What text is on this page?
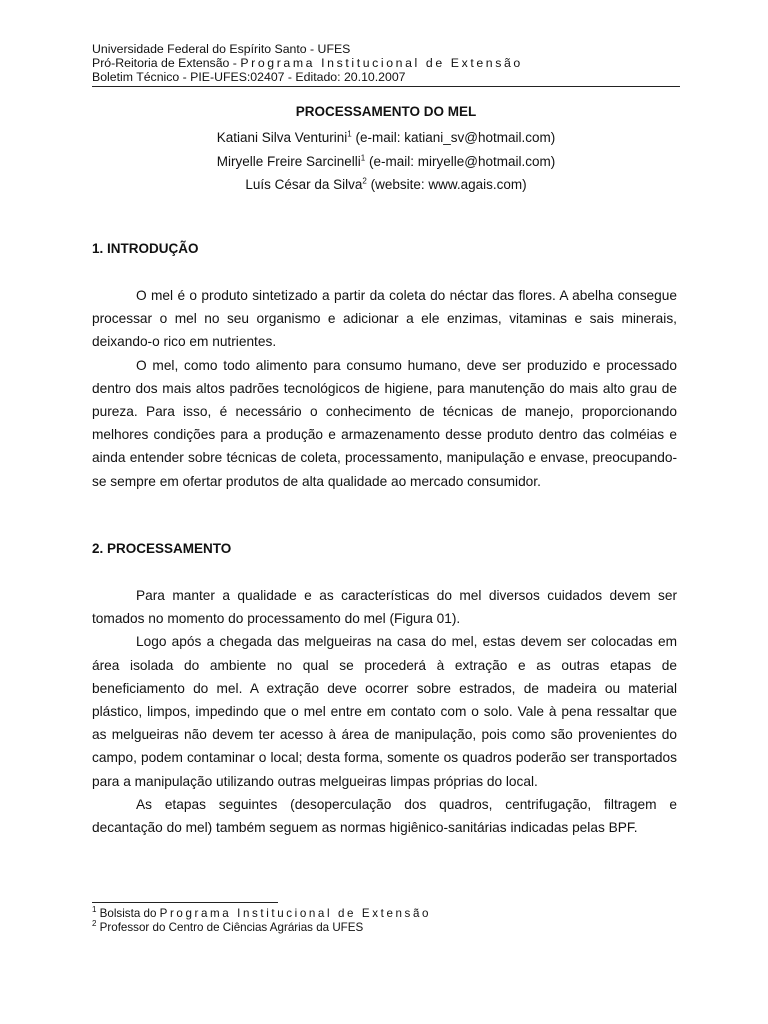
Universidade Federal do Espírito Santo - UFES
Pró-Reitoria de Extensão - Programa Institucional de Extensão
Boletim Técnico - PIE-UFES:02407 - Editado: 20.10.2007
PROCESSAMENTO DO MEL
Katiani Silva Venturini$^1$ (e-mail: katiani_sv@hotmail.com)
Miryelle Freire Sarcinelli$^1$ (e-mail: miryelle@hotmail.com)
Luís César da Silva$^2$ (website: www.agais.com)
1. INTRODUÇÃO

O mel é o produto sintetizado a partir da coleta do néctar das flores. A abelha consegue processar o mel no seu organismo e adicionar a ele enzimas, vitaminas e sais minerais, deixando-o rico em nutrientes.

O mel, como todo alimento para consumo humano, deve ser produzido e processado dentro dos mais altos padrões tecnológicos de higiene, para manutenção do mais alto grau de pureza. Para isso, é necessário o conhecimento de técnicas de manejo, proporcionando melhores condições para a produção e armazenamento desse produto dentro das colméias e ainda entender sobre técnicas de coleta, processamento, manipulação e envase, preocupando-se sempre em ofertar produtos de alta qualidade ao mercado consumidor.

2. PROCESSAMENTO

Para manter a qualidade e as características do mel diversos cuidados devem ser tomados no momento do processamento do mel (Figura 01).

Logo após a chegada das melgueiras na casa do mel, estas devem ser colocadas em área isolada do ambiente no qual se procederá à extração e as outras etapas de beneficiamento do mel. A extração deve ocorrer sobre estrados, de madeira ou material plástico, limpos, impedindo que o mel entre em contato com o solo. Vale à pena ressaltar que as melgueiras não devem ter acesso à área de manipulação, pois como são provenientes do campo, podem contaminar o local; desta forma, somente os quadros poderão ser transportados para a manipulação utilizando outras melgueiras limpas próprias do local.

As etapas seguintes (desoperculação dos quadros, centrifugação, filtragem e decantação do mel) também seguem as normas higiênico-sanitárias indicadas pelas BPF.

$^1$ Bolsista do Programa Institucional de Extensão
$^2$ Professor do Centro de Ciências Agrárias da UFES
